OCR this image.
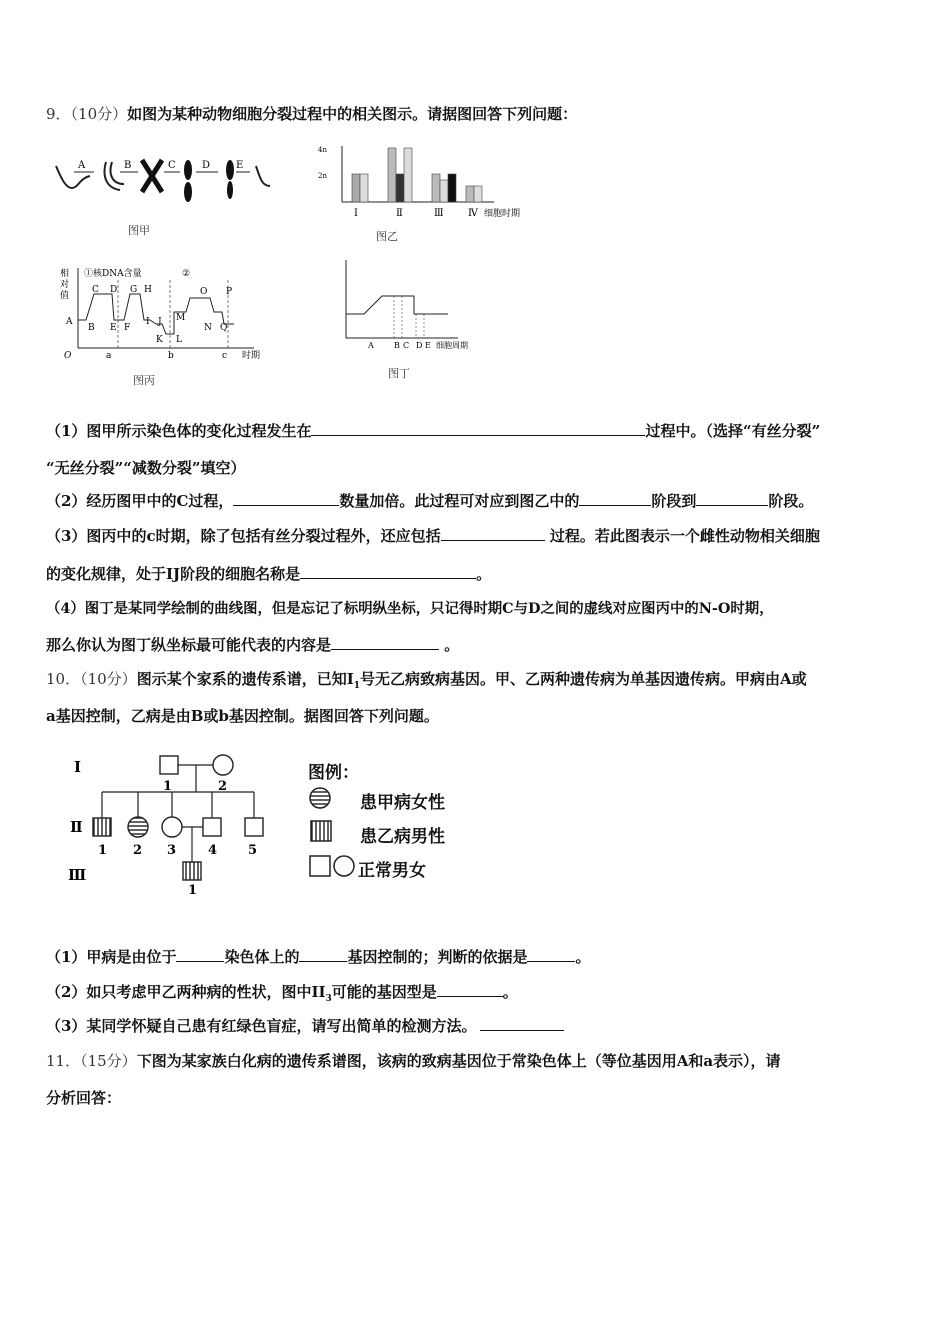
9．（10分）如图为某种动物细胞分裂过程中的相关图示。请据图回答下列问题：
A	B	C	D	E
图甲
4n
2n
Ⅰ	Ⅱ	Ⅲ Ⅳ 细胞时期
图乙
相
对
值
①核DNA含量	②
A
B
C D
E F
G H
I J
K L
M
N
O P
Q
O	a	b	c 时期
图丙
A	B C D E 细胞周期
图丁
（1）图甲所示染色体的变化过程发生在	过程中。（选择“有丝分裂”
“无丝分裂”“减数分裂”填空）
（2）经历图甲中的C过程，	数量加倍。此过程可对应到图乙中的	阶段到	阶段。
（3）图丙中的c时期，除了包括有丝分裂过程外，还应包括	过程。若此图表示一个雌性动物相关细胞
的变化规律，处于IJ阶段的细胞名称是	。
（4）图丁是某同学绘制的曲线图，但是忘记了标明纵坐标，只记得时期C与D之间的虚线对应图丙中的N-O时期，
那么你认为图丁纵坐标最可能代表的内容是	。
10．（10分）图示某个家系的遗传系谱，已知$Ⅰ_1$号无乙病致病基因。甲、乙两种遗传病为单基因遗传病。甲病由A或
a基因控制，乙病是由B或b基因控制。据图回答下列问题。
Ⅰ
Ⅱ
Ⅲ
1	2
1 2 3 4 5
1
图例：
患甲病女性
患乙病男性
正常男女
（1）甲病是由位于	染色体上的	基因控制的；判断的依据是	。
（2）如只考虑甲乙两种病的性状，图中$II_3$可能的基因型是	。
（3）某同学怀疑自己患有红绿色盲症，请写出简单的检测方法。
11．（15分）下图为某家族白化病的遗传系谱图，该病的致病基因位于常染色体上（等位基因用A和a表示），请
分析回答：
